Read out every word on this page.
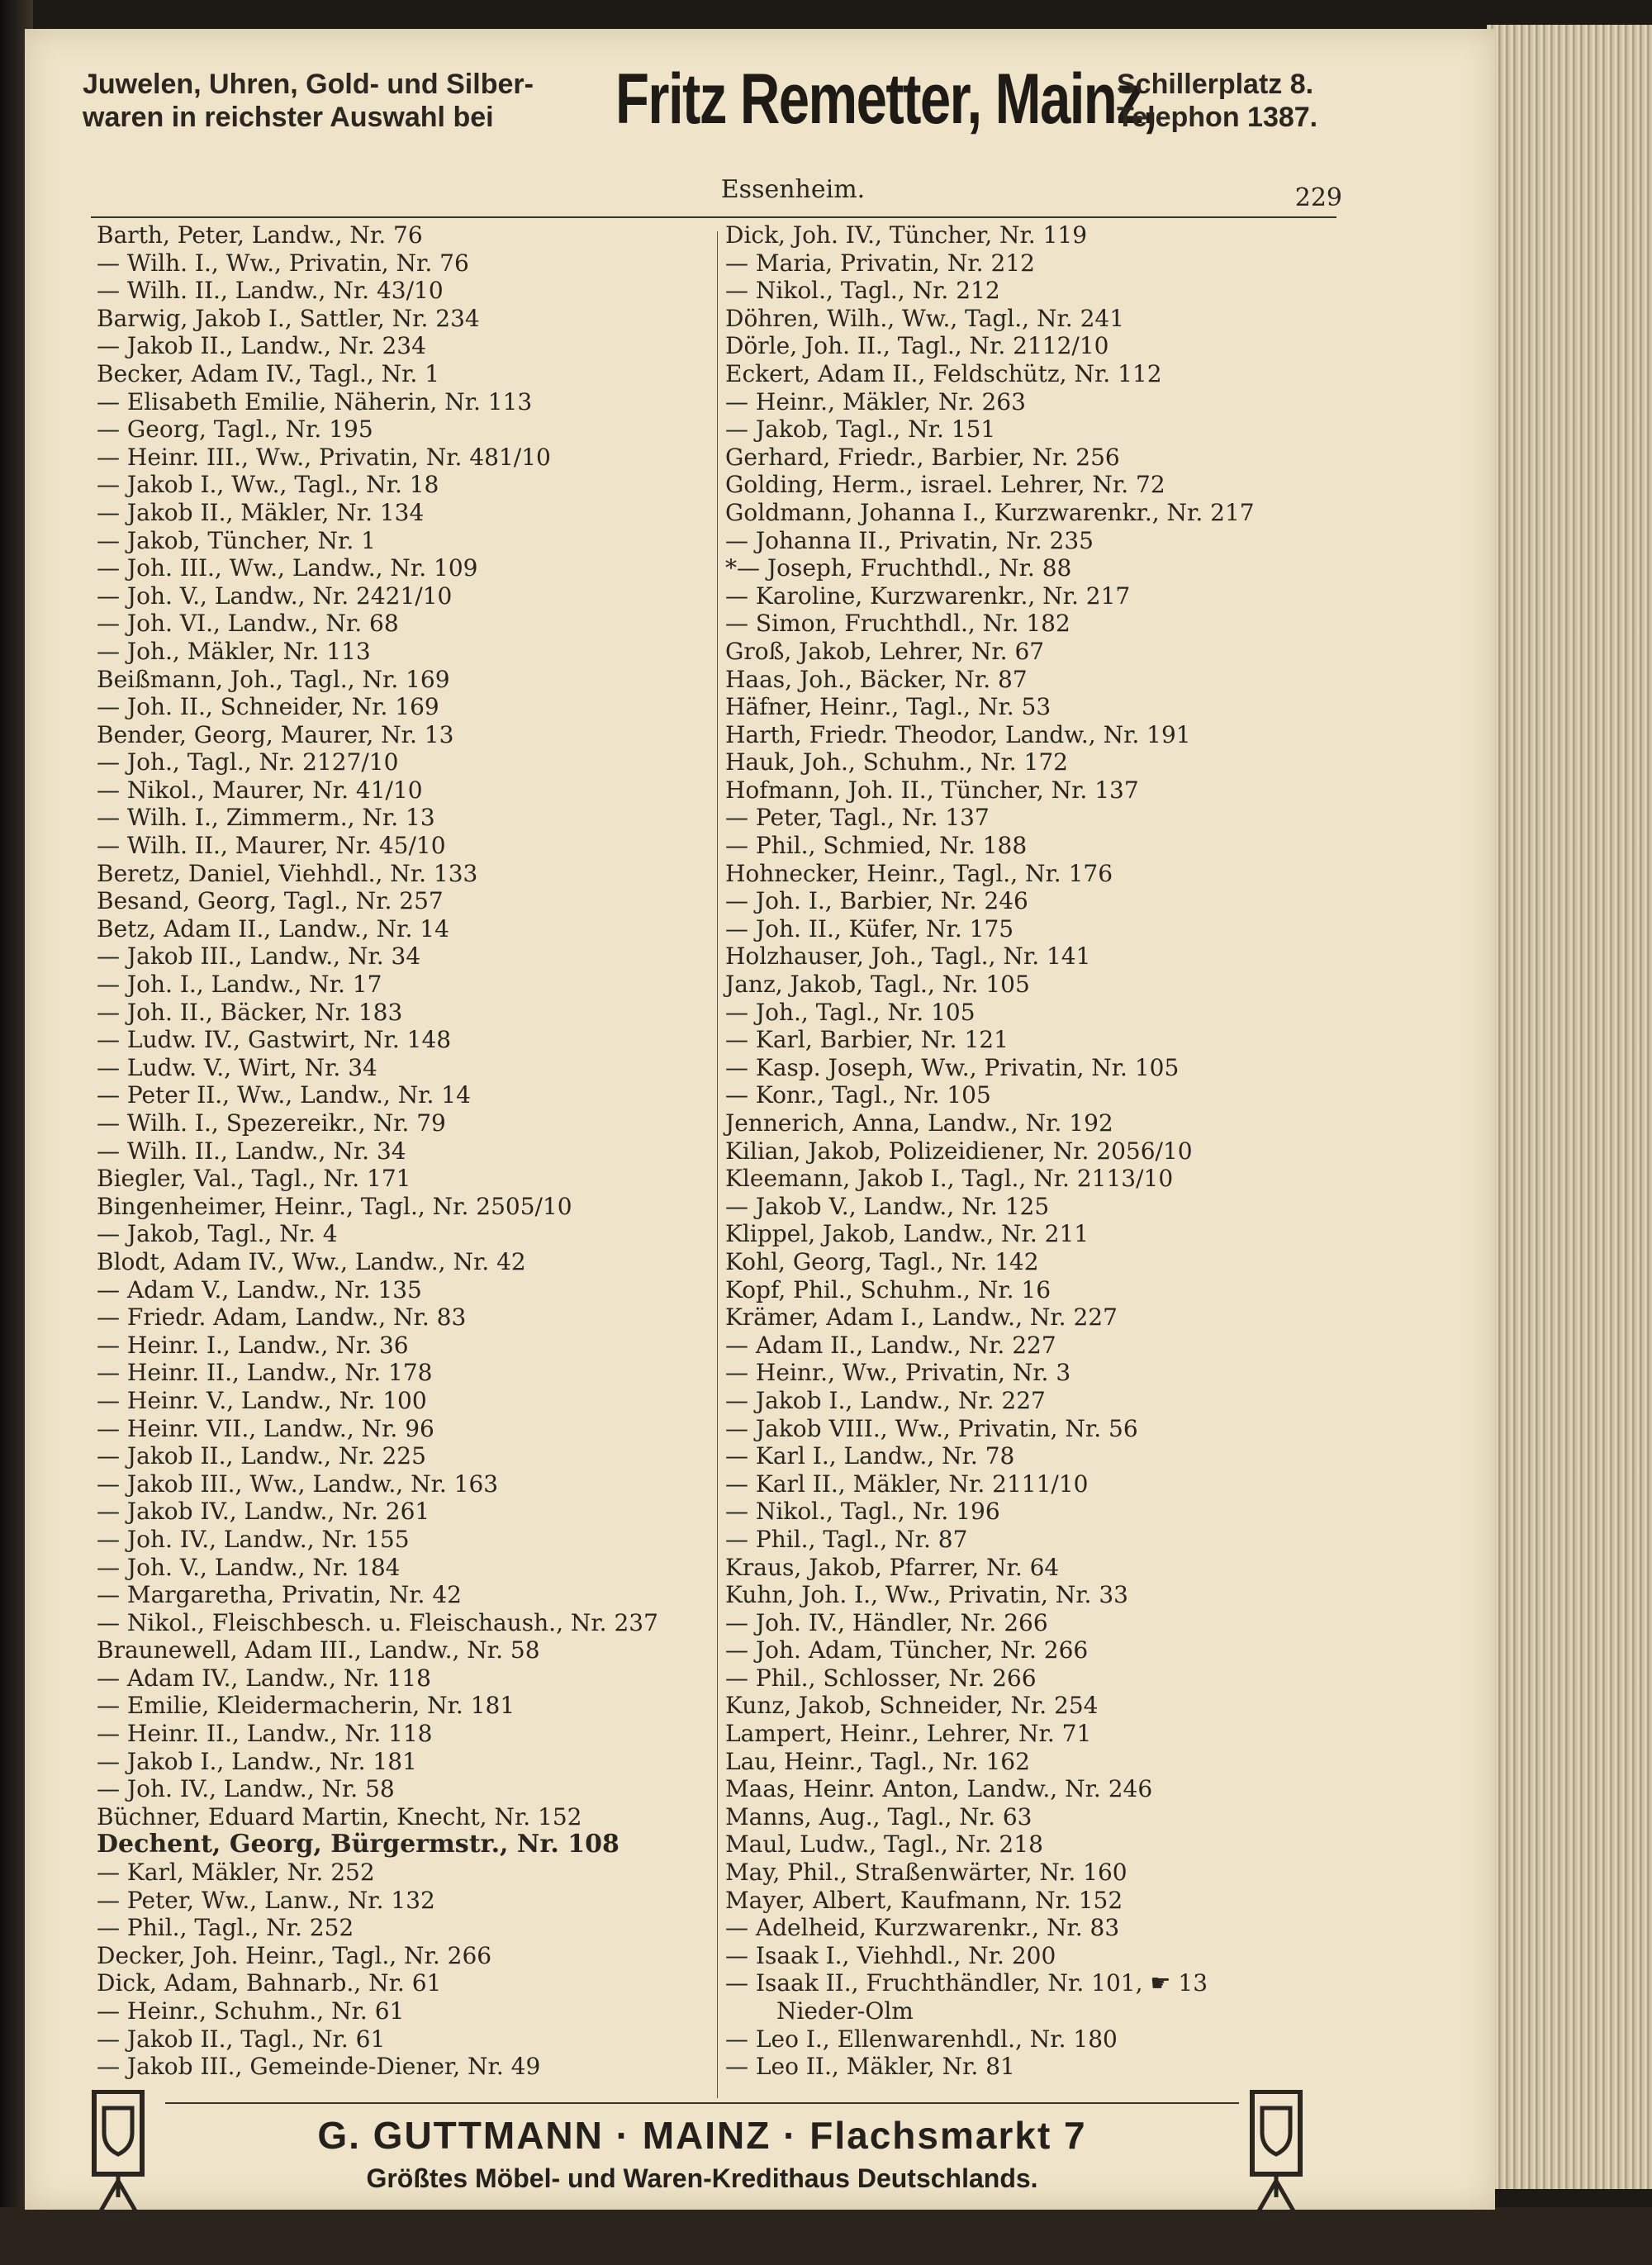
Juwelen, Uhren, Gold- und Silber-
waren in reichster Auswahl bei	Fritz Remetter, Mainz,
Schillerplatz 8.
Telephon 1387.
Essenheim.	229
Barth, Peter, Landw., Nr. 76
— Wilh. I., Ww., Privatin, Nr. 76
— Wilh. II., Landw., Nr. 43/10
Barwig, Jakob I., Sattler, Nr. 234
— Jakob II., Landw., Nr. 234
Becker, Adam IV., Tagl., Nr. 1
— Elisabeth Emilie, Näherin, Nr. 113
— Georg, Tagl., Nr. 195
— Heinr. III., Ww., Privatin, Nr. 481/10
— Jakob I., Ww., Tagl., Nr. 18
— Jakob II., Mäkler, Nr. 134
— Jakob, Tüncher, Nr. 1
— Joh. III., Ww., Landw., Nr. 109
— Joh. V., Landw., Nr. 2421/10
— Joh. VI., Landw., Nr. 68
— Joh., Mäkler, Nr. 113
Beißmann, Joh., Tagl., Nr. 169
— Joh. II., Schneider, Nr. 169
Bender, Georg, Maurer, Nr. 13
— Joh., Tagl., Nr. 2127/10
— Nikol., Maurer, Nr. 41/10
— Wilh. I., Zimmerm., Nr. 13
— Wilh. II., Maurer, Nr. 45/10
Beretz, Daniel, Viehhdl., Nr. 133
Besand, Georg, Tagl., Nr. 257
Betz, Adam II., Landw., Nr. 14
— Jakob III., Landw., Nr. 34
— Joh. I., Landw., Nr. 17
— Joh. II., Bäcker, Nr. 183
— Ludw. IV., Gastwirt, Nr. 148
— Ludw. V., Wirt, Nr. 34
— Peter II., Ww., Landw., Nr. 14
— Wilh. I., Spezereikr., Nr. 79
— Wilh. II., Landw., Nr. 34
Biegler, Val., Tagl., Nr. 171
Bingenheimer, Heinr., Tagl., Nr. 2505/10
— Jakob, Tagl., Nr. 4
Blodt, Adam IV., Ww., Landw., Nr. 42
— Adam V., Landw., Nr. 135
— Friedr. Adam, Landw., Nr. 83
— Heinr. I., Landw., Nr. 36
— Heinr. II., Landw., Nr. 178
— Heinr. V., Landw., Nr. 100
— Heinr. VII., Landw., Nr. 96
— Jakob II., Landw., Nr. 225
— Jakob III., Ww., Landw., Nr. 163
— Jakob IV., Landw., Nr. 261
— Joh. IV., Landw., Nr. 155
— Joh. V., Landw., Nr. 184
— Margaretha, Privatin, Nr. 42
— Nikol., Fleischbesch. u. Fleischaush., Nr. 237
Braunewell, Adam III., Landw., Nr. 58
— Adam IV., Landw., Nr. 118
— Emilie, Kleidermacherin, Nr. 181
— Heinr. II., Landw., Nr. 118
— Jakob I., Landw., Nr. 181
— Joh. IV., Landw., Nr. 58
Büchner, Eduard Martin, Knecht, Nr. 152
Dechent, Georg, Bürgermstr., Nr. 108
— Karl, Mäkler, Nr. 252
— Peter, Ww., Lanw., Nr. 132
— Phil., Tagl., Nr. 252
Decker, Joh. Heinr., Tagl., Nr. 266
Dick, Adam, Bahnarb., Nr. 61
— Heinr., Schuhm., Nr. 61
— Jakob II., Tagl., Nr. 61
— Jakob III., Gemeinde-Diener, Nr. 49
Dick, Joh. IV., Tüncher, Nr. 119
— Maria, Privatin, Nr. 212
— Nikol., Tagl., Nr. 212
Döhren, Wilh., Ww., Tagl., Nr. 241
Dörle, Joh. II., Tagl., Nr. 2112/10
Eckert, Adam II., Feldschütz, Nr. 112
— Heinr., Mäkler, Nr. 263
— Jakob, Tagl., Nr. 151
Gerhard, Friedr., Barbier, Nr. 256
Golding, Herm., israel. Lehrer, Nr. 72
Goldmann, Johanna I., Kurzwarenkr., Nr. 217
— Johanna II., Privatin, Nr. 235
*— Joseph, Fruchthdl., Nr. 88
— Karoline, Kurzwarenkr., Nr. 217
— Simon, Fruchthdl., Nr. 182
Groß, Jakob, Lehrer, Nr. 67
Haas, Joh., Bäcker, Nr. 87
Häfner, Heinr., Tagl., Nr. 53
Harth, Friedr. Theodor, Landw., Nr. 191
Hauk, Joh., Schuhm., Nr. 172
Hofmann, Joh. II., Tüncher, Nr. 137
— Peter, Tagl., Nr. 137
— Phil., Schmied, Nr. 188
Hohnecker, Heinr., Tagl., Nr. 176
— Joh. I., Barbier, Nr. 246
— Joh. II., Küfer, Nr. 175
Holzhauser, Joh., Tagl., Nr. 141
Janz, Jakob, Tagl., Nr. 105
— Joh., Tagl., Nr. 105
— Karl, Barbier, Nr. 121
— Kasp. Joseph, Ww., Privatin, Nr. 105
— Konr., Tagl., Nr. 105
Jennerich, Anna, Landw., Nr. 192
Kilian, Jakob, Polizeidiener, Nr. 2056/10
Kleemann, Jakob I., Tagl., Nr. 2113/10
— Jakob V., Landw., Nr. 125
Klippel, Jakob, Landw., Nr. 211
Kohl, Georg, Tagl., Nr. 142
Kopf, Phil., Schuhm., Nr. 16
Krämer, Adam I., Landw., Nr. 227
— Adam II., Landw., Nr. 227
— Heinr., Ww., Privatin, Nr. 3
— Jakob I., Landw., Nr. 227
— Jakob VIII., Ww., Privatin, Nr. 56
— Karl I., Landw., Nr. 78
— Karl II., Mäkler, Nr. 2111/10
— Nikol., Tagl., Nr. 196
— Phil., Tagl., Nr. 87
Kraus, Jakob, Pfarrer, Nr. 64
Kuhn, Joh. I., Ww., Privatin, Nr. 33
— Joh. IV., Händler, Nr. 266
— Joh. Adam, Tüncher, Nr. 266
— Phil., Schlosser, Nr. 266
Kunz, Jakob, Schneider, Nr. 254
Lampert, Heinr., Lehrer, Nr. 71
Lau, Heinr., Tagl., Nr. 162
Maas, Heinr. Anton, Landw., Nr. 246
Manns, Aug., Tagl., Nr. 63
Maul, Ludw., Tagl., Nr. 218
May, Phil., Straßenwärter, Nr. 160
Mayer, Albert, Kaufmann, Nr. 152
— Adelheid, Kurzwarenkr., Nr. 83
— Isaak I., Viehhdl., Nr. 200
— Isaak II., Fruchthändler, Nr. 101, ☛ 13
Nieder-Olm
— Leo I., Ellenwarenhdl., Nr. 180
— Leo II., Mäkler, Nr. 81
G. GUTTMANN · MAINZ · Flachsmarkt 7
Größtes Möbel- und Waren-Kredithaus Deutschlands.
